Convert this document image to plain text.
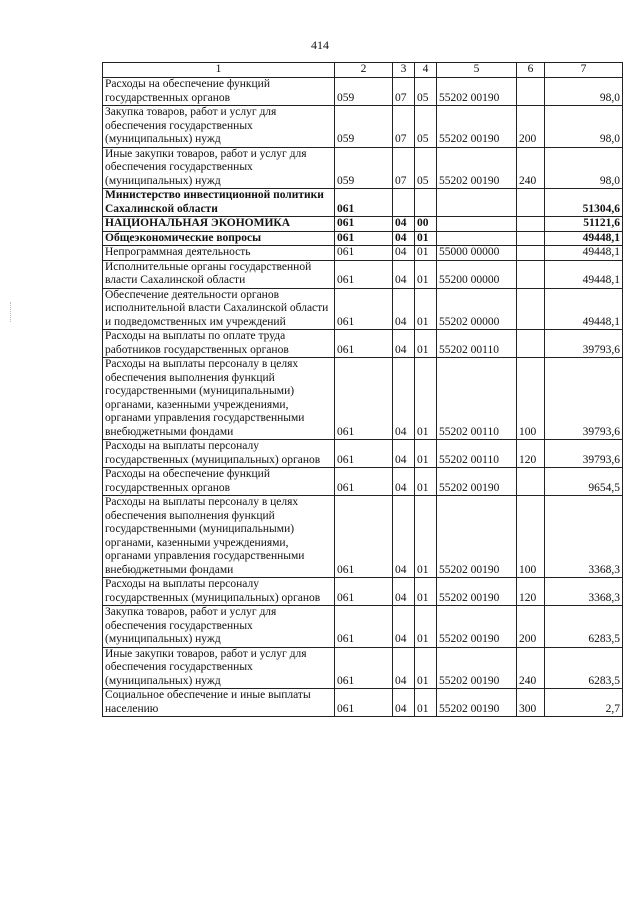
414
1	2	3	4	5	6	7
Расходы на обеспечение функций государственных органов	059	07	05	55202 00190		98,0
Закупка товаров, работ и услуг для обеспечения государственных (муниципальных) нужд	059	07	05	55202 00190	200	98,0
Иные закупки товаров, работ и услуг для обеспечения государственных (муниципальных) нужд	059	07	05	55202 00190	240	98,0
Министерство инвестиционной политики Сахалинской области	061					51304,6
НАЦИОНАЛЬНАЯ ЭКОНОМИКА	061	04	00			51121,6
Общеэкономические вопросы	061	04	01			49448,1
Непрограммная деятельность	061	04	01	55000 00000		49448,1
Исполнительные органы государственной власти Сахалинской области	061	04	01	55200 00000		49448,1
Обеспечение деятельности органов исполнительной власти Сахалинской области и подведомственных им учреждений	061	04	01	55202 00000		49448,1
Расходы на выплаты по оплате труда работников государственных органов	061	04	01	55202 00110		39793,6
Расходы на выплаты персоналу в целях обеспечения выполнения функций государственными (муниципальными) органами, казенными учреждениями, органами управления государственными внебюджетными фондами	061	04	01	55202 00110	100	39793,6
Расходы на выплаты персоналу государственных (муниципальных) органов	061	04	01	55202 00110	120	39793,6
Расходы на обеспечение функций государственных органов	061	04	01	55202 00190		9654,5
Расходы на выплаты персоналу в целях обеспечения выполнения функций государственными (муниципальными) органами, казенными учреждениями, органами управления государственными внебюджетными фондами	061	04	01	55202 00190	100	3368,3
Расходы на выплаты персоналу государственных (муниципальных) органов	061	04	01	55202 00190	120	3368,3
Закупка товаров, работ и услуг для обеспечения государственных (муниципальных) нужд	061	04	01	55202 00190	200	6283,5
Иные закупки товаров, работ и услуг для обеспечения государственных (муниципальных) нужд	061	04	01	55202 00190	240	6283,5
Социальное обеспечение и иные выплаты населению	061	04	01	55202 00190	300	2,7
